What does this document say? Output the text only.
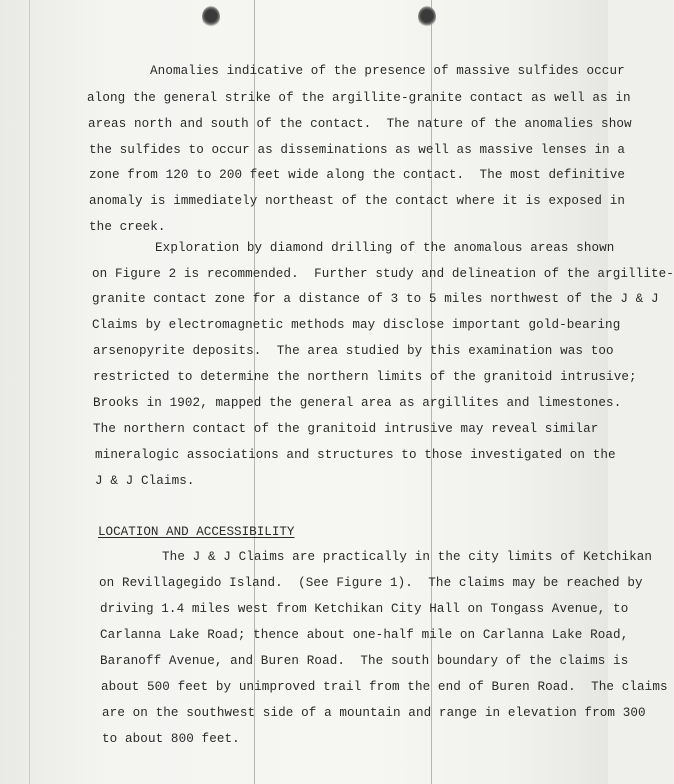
Anomalies indicative of the presence of massive sulfides occur
along the general strike of the argillite-granite contact as well as in
areas north and south of the contact.  The nature of the anomalies show
the sulfides to occur as disseminations as well as massive lenses in a
zone from 120 to 200 feet wide along the contact.  The most definitive
anomaly is immediately northeast of the contact where it is exposed in
the creek.
Exploration by diamond drilling of the anomalous areas shown
on Figure 2 is recommended.  Further study and delineation of the argillite-
granite contact zone for a distance of 3 to 5 miles northwest of the J & J
Claims by electromagnetic methods may disclose important gold-bearing
arsenopyrite deposits.  The area studied by this examination was too
restricted to determine the northern limits of the granitoid intrusive;
Brooks in 1902, mapped the general area as argillites and limestones.
The northern contact of the granitoid intrusive may reveal similar
mineralogic associations and structures to those investigated on the
J & J Claims.
LOCATION AND ACCESSIBILITY
The J & J Claims are practically in the city limits of Ketchikan
on Revillagegido Island.  (See Figure 1).  The claims may be reached by
driving 1.4 miles west from Ketchikan City Hall on Tongass Avenue, to
Carlanna Lake Road; thence about one-half mile on Carlanna Lake Road,
Baranoff Avenue, and Buren Road.  The south boundary of the claims is
about 500 feet by unimproved trail from the end of Buren Road.  The claims
are on the southwest side of a mountain and range in elevation from 300
to about 800 feet.
